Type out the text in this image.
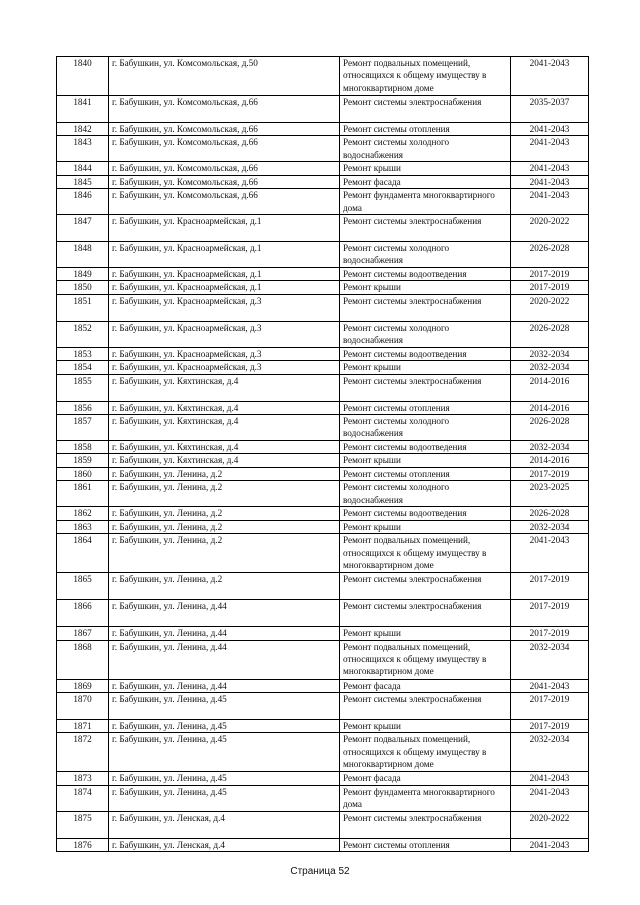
1840	г. Бабушкин, ул. Комсомольская, д.50	Ремонт подвальных помещений, относящихся к общему имуществу в многоквартирном доме	2041-2043
1841	г. Бабушкин, ул. Комсомольская, д.66	Ремонт системы электроснабжения	2035-2037
1842	г. Бабушкин, ул. Комсомольская, д.66	Ремонт системы отопления	2041-2043
1843	г. Бабушкин, ул. Комсомольская, д.66	Ремонт системы холодного водоснабжения	2041-2043
1844	г. Бабушкин, ул. Комсомольская, д.66	Ремонт крыши	2041-2043
1845	г. Бабушкин, ул. Комсомольская, д.66	Ремонт фасада	2041-2043
1846	г. Бабушкин, ул. Комсомольская, д.66	Ремонт фундамента многоквартирного дома	2041-2043
1847	г. Бабушкин, ул. Красноармейская, д.1	Ремонт системы электроснабжения	2020-2022
1848	г. Бабушкин, ул. Красноармейская, д.1	Ремонт системы холодного водоснабжения	2026-2028
1849	г. Бабушкин, ул. Красноармейская, д.1	Ремонт системы водоотведения	2017-2019
1850	г. Бабушкин, ул. Красноармейская, д.1	Ремонт крыши	2017-2019
1851	г. Бабушкин, ул. Красноармейская, д.3	Ремонт системы электроснабжения	2020-2022
1852	г. Бабушкин, ул. Красноармейская, д.3	Ремонт системы холодного водоснабжения	2026-2028
1853	г. Бабушкин, ул. Красноармейская, д.3	Ремонт системы водоотведения	2032-2034
1854	г. Бабушкин, ул. Красноармейская, д.3	Ремонт крыши	2032-2034
1855	г. Бабушкин, ул. Кяхтинская, д.4	Ремонт системы электроснабжения	2014-2016
1856	г. Бабушкин, ул. Кяхтинская, д.4	Ремонт системы отопления	2014-2016
1857	г. Бабушкин, ул. Кяхтинская, д.4	Ремонт системы холодного водоснабжения	2026-2028
1858	г. Бабушкин, ул. Кяхтинская, д.4	Ремонт системы водоотведения	2032-2034
1859	г. Бабушкин, ул. Кяхтинская, д.4	Ремонт крыши	2014-2016
1860	г. Бабушкин, ул. Ленина, д.2	Ремонт системы отопления	2017-2019
1861	г. Бабушкин, ул. Ленина, д.2	Ремонт системы холодного водоснабжения	2023-2025
1862	г. Бабушкин, ул. Ленина, д.2	Ремонт системы водоотведения	2026-2028
1863	г. Бабушкин, ул. Ленина, д.2	Ремонт крыши	2032-2034
1864	г. Бабушкин, ул. Ленина, д.2	Ремонт подвальных помещений, относящихся к общему имуществу в многоквартирном доме	2041-2043
1865	г. Бабушкин, ул. Ленина, д.2	Ремонт системы электроснабжения	2017-2019
1866	г. Бабушкин, ул. Ленина, д.44	Ремонт системы электроснабжения	2017-2019
1867	г. Бабушкин, ул. Ленина, д.44	Ремонт крыши	2017-2019
1868	г. Бабушкин, ул. Ленина, д.44	Ремонт подвальных помещений, относящихся к общему имуществу в многоквартирном доме	2032-2034
1869	г. Бабушкин, ул. Ленина, д.44	Ремонт фасада	2041-2043
1870	г. Бабушкин, ул. Ленина, д.45	Ремонт системы электроснабжения	2017-2019
1871	г. Бабушкин, ул. Ленина, д.45	Ремонт крыши	2017-2019
1872	г. Бабушкин, ул. Ленина, д.45	Ремонт подвальных помещений, относящихся к общему имуществу в многоквартирном доме	2032-2034
1873	г. Бабушкин, ул. Ленина, д.45	Ремонт фасада	2041-2043
1874	г. Бабушкин, ул. Ленина, д.45	Ремонт фундамента многоквартирного дома	2041-2043
1875	г. Бабушкин, ул. Ленская, д.4	Ремонт системы электроснабжения	2020-2022
1876	г. Бабушкин, ул. Ленская, д.4	Ремонт системы отопления	2041-2043
Страница 52
